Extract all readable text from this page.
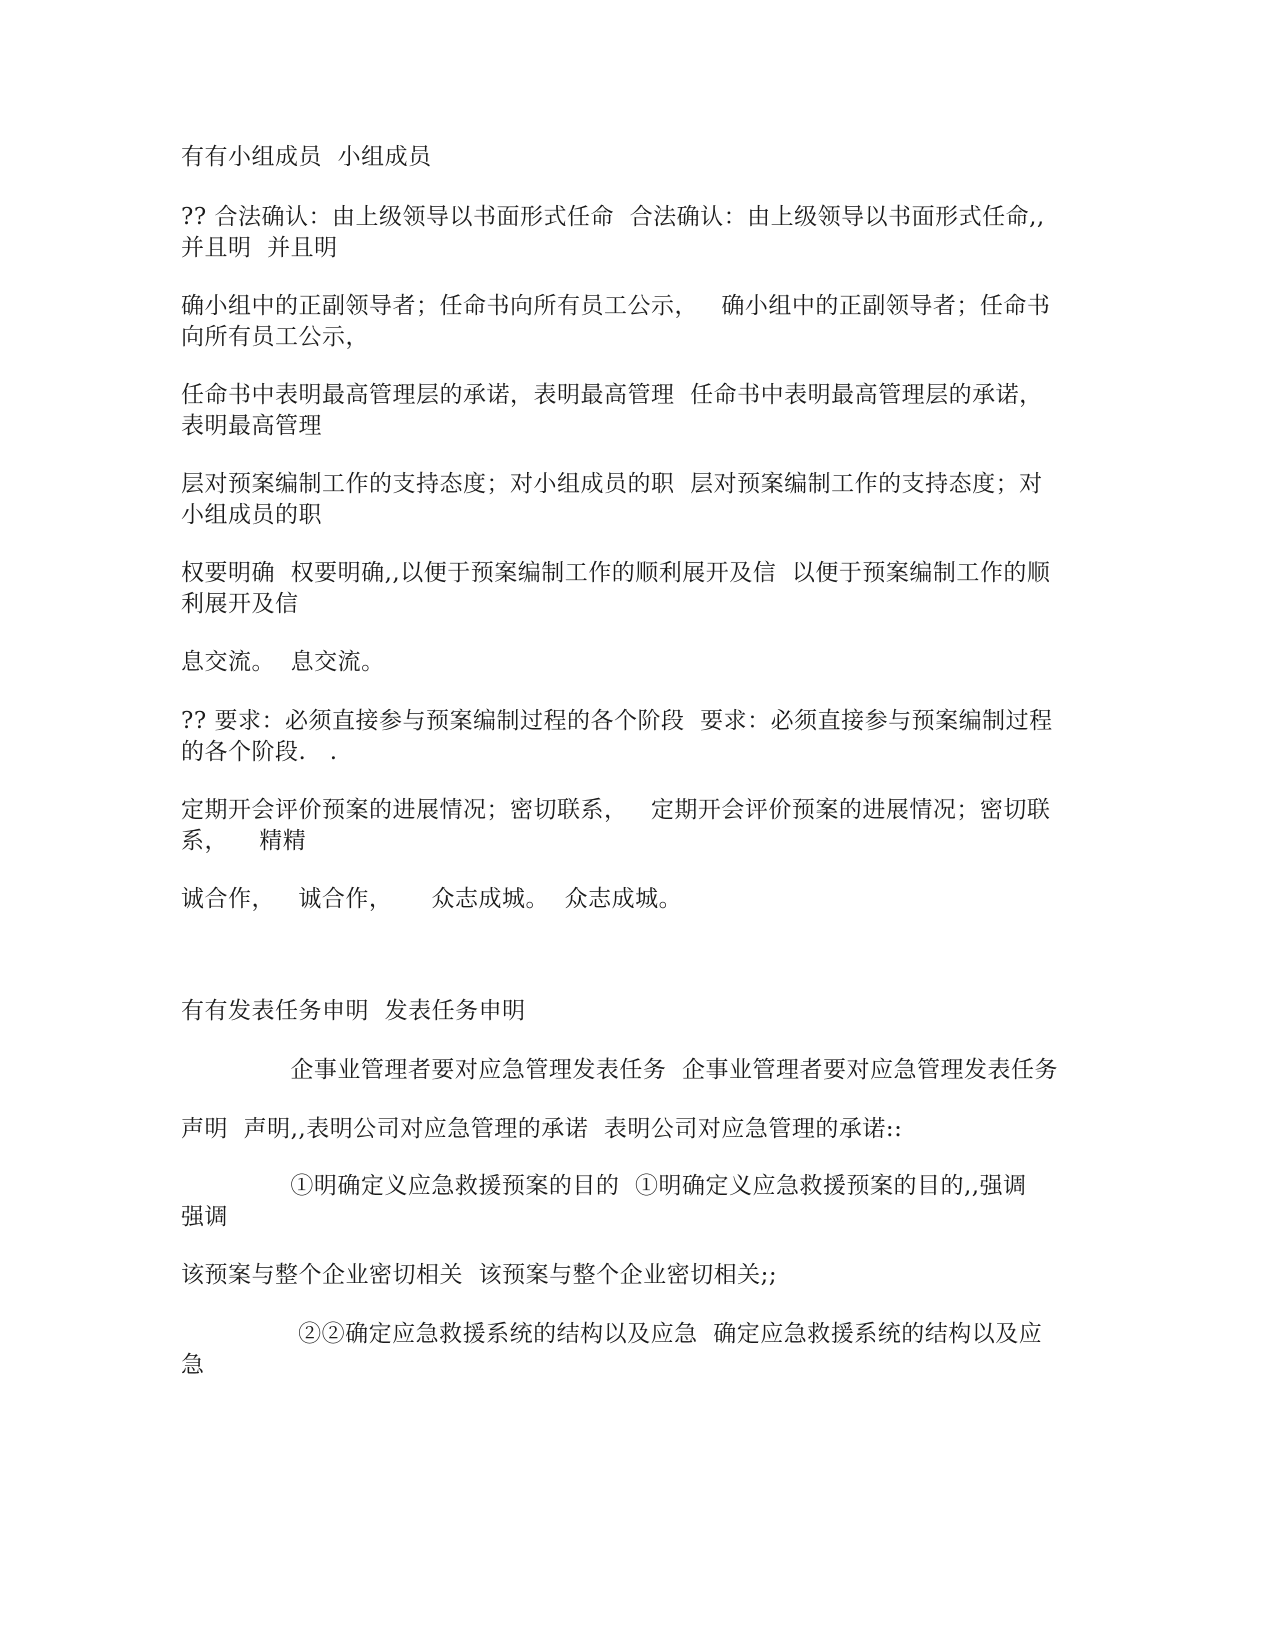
有有小组成员  小组成员
?? 合法确认：由上级领导以书面形式任命  合法确认：由上级领导以书面形式任命,,并且明  并且明
确小组中的正副领导者；任命书向所有员工公示，   确小组中的正副领导者；任命书向所有员工公示，
任命书中表明最高管理层的承诺，表明最高管理  任命书中表明最高管理层的承诺，表明最高管理
层对预案编制工作的支持态度；对小组成员的职  层对预案编制工作的支持态度；对小组成员的职
权要明确  权要明确,,以便于预案编制工作的顺利展开及信  以便于预案编制工作的顺利展开及信
息交流。  息交流。
?? 要求：必须直接参与预案编制过程的各个阶段  要求：必须直接参与预案编制过程的各个阶段.   .
定期开会评价预案的进展情况；密切联系，   定期开会评价预案的进展情况；密切联系，    精精
诚合作，   诚合作，     众志成城。  众志成城。
有有发表任务申明  发表任务申明
企事业管理者要对应急管理发表任务  企事业管理者要对应急管理发表任务
声明  声明,,表明公司对应急管理的承诺  表明公司对应急管理的承诺::
①明确定义应急救援预案的目的  ①明确定义应急救援预案的目的,,强调  强调
该预案与整个企业密切相关  该预案与整个企业密切相关;;
②②确定应急救援系统的结构以及应急  确定应急救援系统的结构以及应急
